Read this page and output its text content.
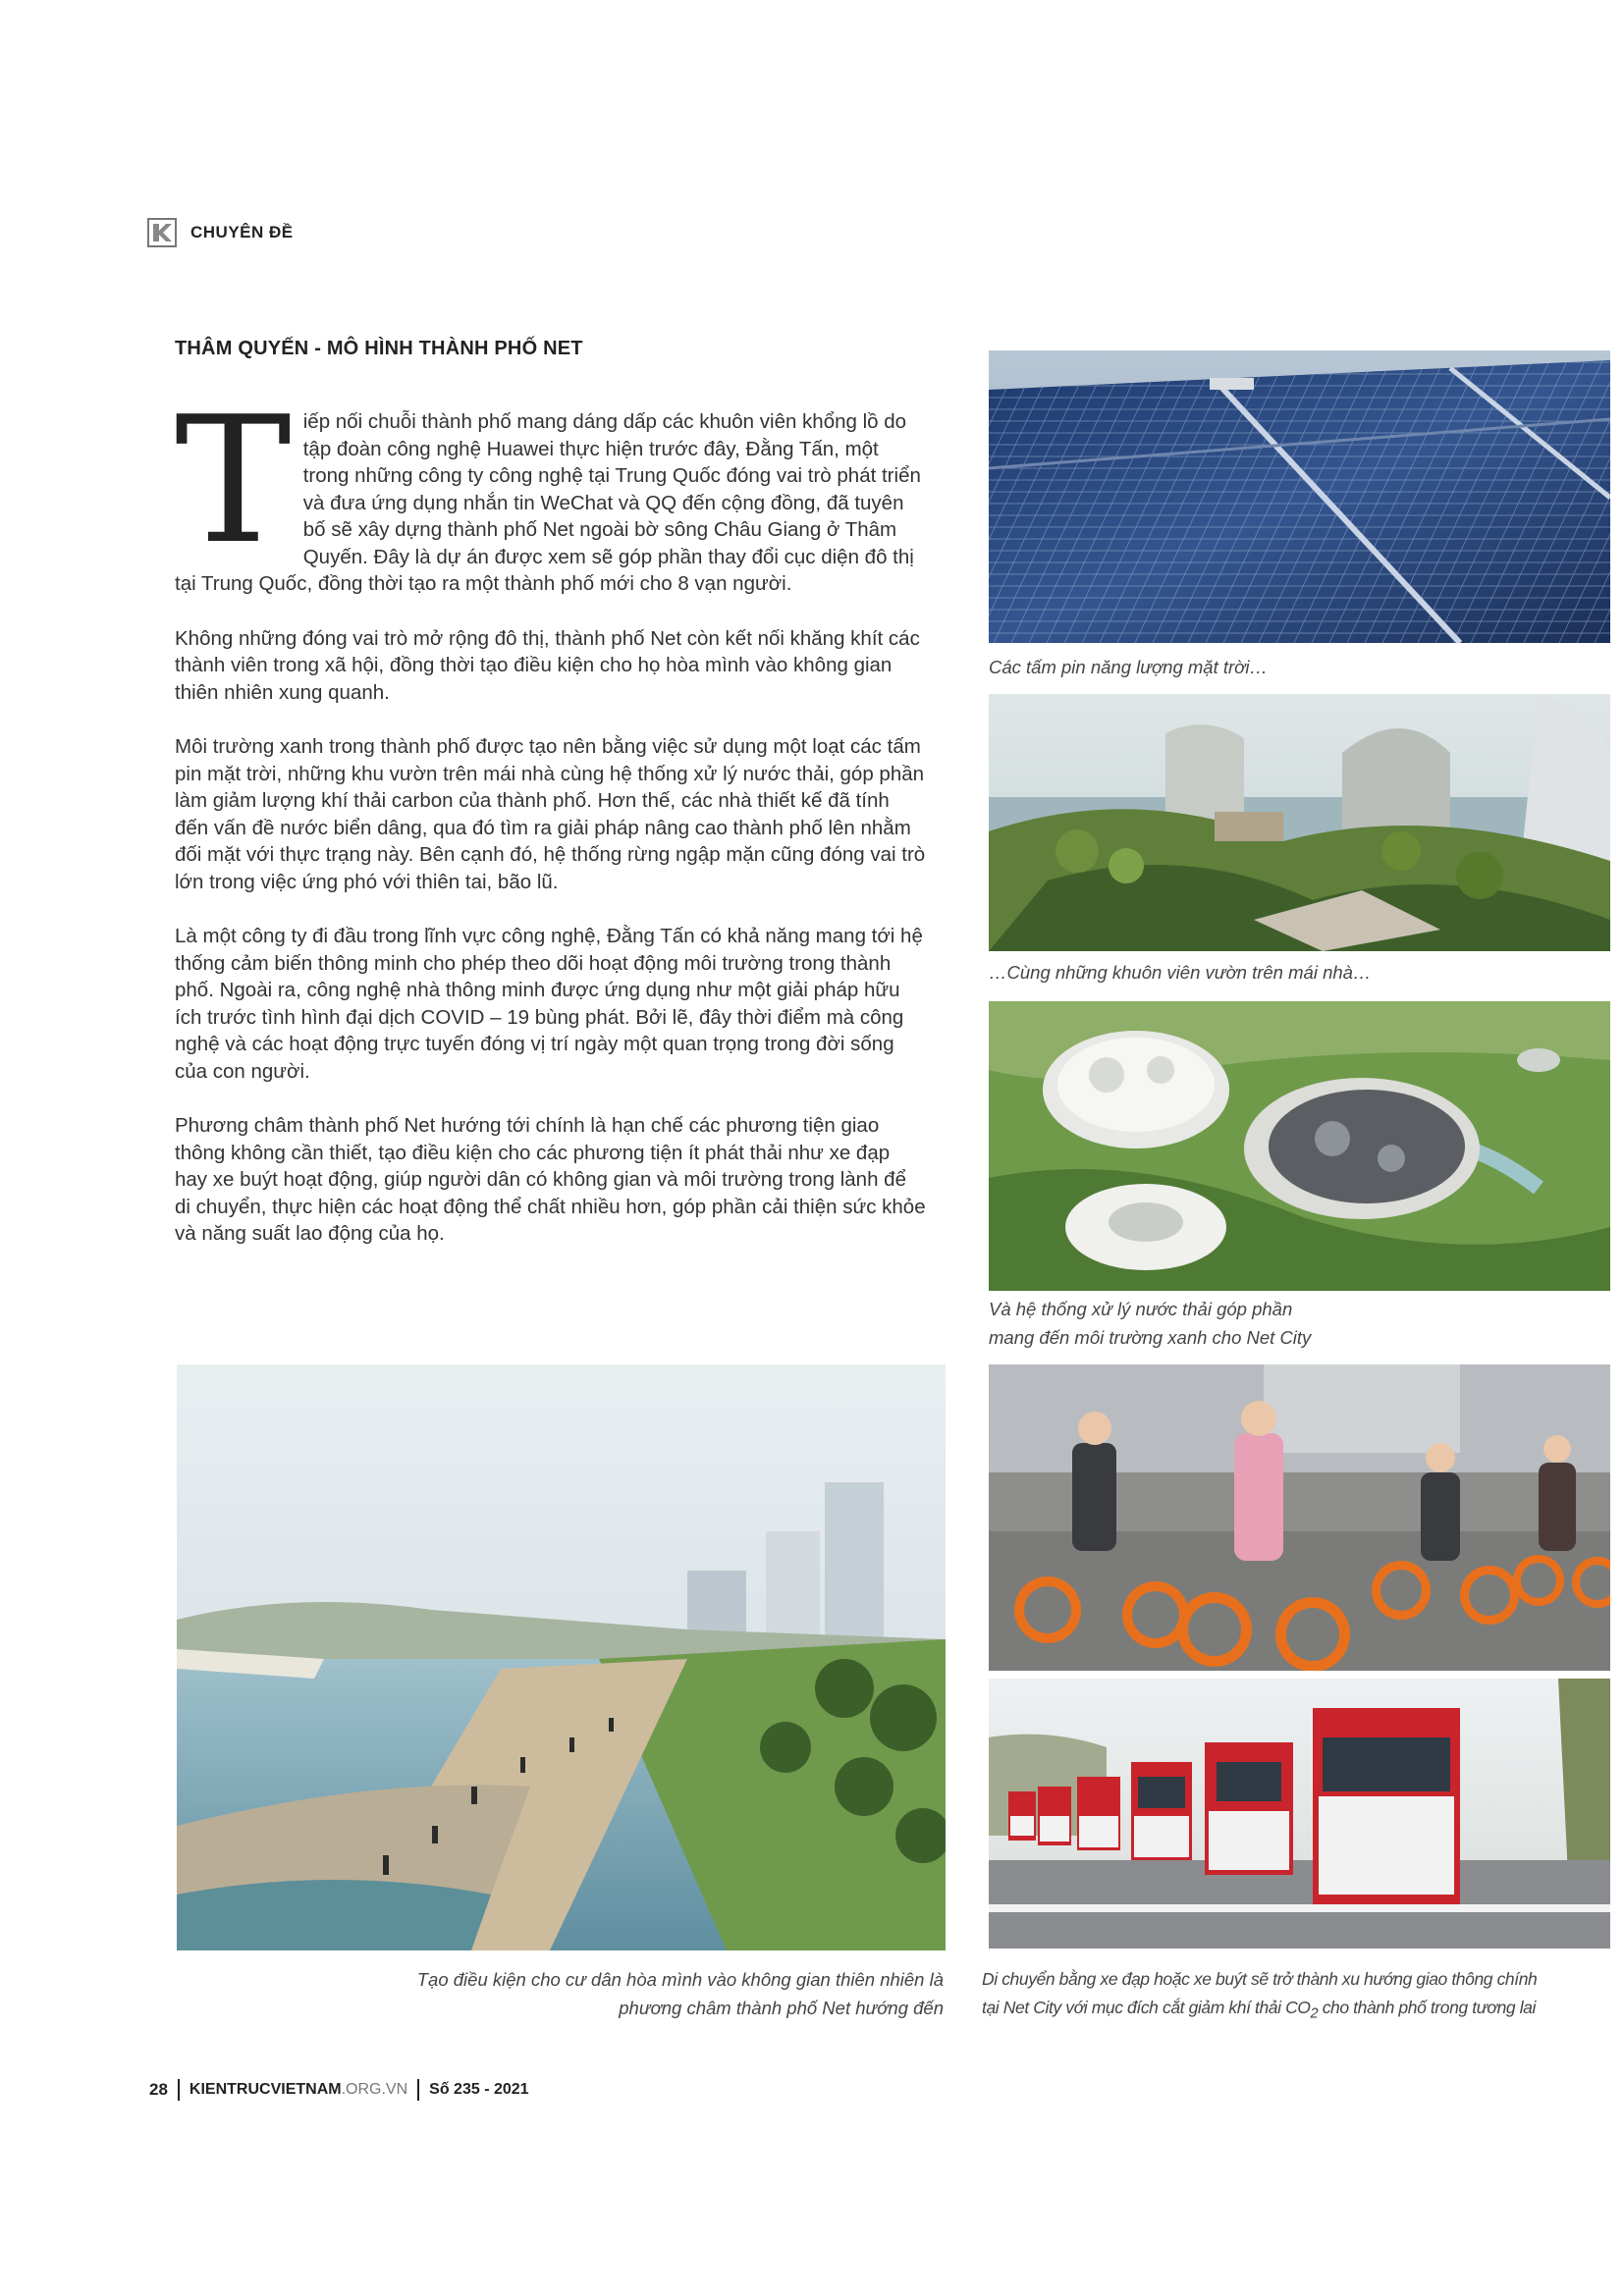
CHUYÊN ĐỀ
THÂM QUYẾN - MÔ HÌNH THÀNH PHỐ NET

Tiếp nối chuỗi thành phố mang dáng dấp các khuôn viên khổng lồ do tập đoàn công nghệ Huawei thực hiện trước đây, Đằng Tấn, một trong những công ty công nghệ tại Trung Quốc đóng vai trò phát triển và đưa ứng dụng nhắn tin WeChat và QQ đến cộng đồng, đã tuyên bố sẽ xây dựng thành phố Net ngoài bờ sông Châu Giang ở Thâm Quyến. Đây là dự án được xem sẽ góp phần thay đổi cục diện đô thị tại Trung Quốc, đồng thời tạo ra một thành phố mới cho 8 vạn người.

Không những đóng vai trò mở rộng đô thị, thành phố Net còn kết nối khăng khít các thành viên trong xã hội, đồng thời tạo điều kiện cho họ hòa mình vào không gian thiên nhiên xung quanh.

Môi trường xanh trong thành phố được tạo nên bằng việc sử dụng một loạt các tấm pin mặt trời, những khu vườn trên mái nhà cùng hệ thống xử lý nước thải, góp phần làm giảm lượng khí thải carbon của thành phố. Hơn thế, các nhà thiết kế đã tính đến vấn đề nước biển dâng, qua đó tìm ra giải pháp nâng cao thành phố lên nhằm đối mặt với thực trạng này. Bên cạnh đó, hệ thống rừng ngập mặn cũng đóng vai trò lớn trong việc ứng phó với thiên tai, bão lũ.

Là một công ty đi đầu trong lĩnh vực công nghệ, Đằng Tấn có khả năng mang tới hệ thống cảm biến thông minh cho phép theo dõi hoạt động môi trường trong thành phố. Ngoài ra, công nghệ nhà thông minh được ứng dụng như một giải pháp hữu ích trước tình hình đại dịch COVID – 19 bùng phát. Bởi lẽ, đây thời điểm mà công nghệ và các hoạt động trực tuyến đóng vị trí ngày một quan trọng trong đời sống của con người.

Phương châm thành phố Net hướng tới chính là hạn chế các phương tiện giao thông không cần thiết, tạo điều kiện cho các phương tiện ít phát thải như xe đạp hay xe buýt hoạt động, giúp người dân có không gian và môi trường trong lành để di chuyển, thực hiện các hoạt động thể chất nhiều hơn, góp phần cải thiện sức khỏe và năng suất lao động của họ.

Các tấm pin năng lượng mặt trời…
…Cùng những khuôn viên vườn trên mái nhà…
Và hệ thống xử lý nước thải góp phần
mang đến môi trường xanh cho Net City
Tạo điều kiện cho cư dân hòa mình vào không gian thiên nhiên là
phương châm thành phố Net hướng đến
Di chuyển bằng xe đạp hoặc xe buýt sẽ trở thành xu hướng giao thông chính
tại Net City với mục đích cắt giảm khí thải $CO_2$ cho thành phố trong tương lai
28 KIENTRUCVIETNAM .ORG.VN Số 235 - 2021
